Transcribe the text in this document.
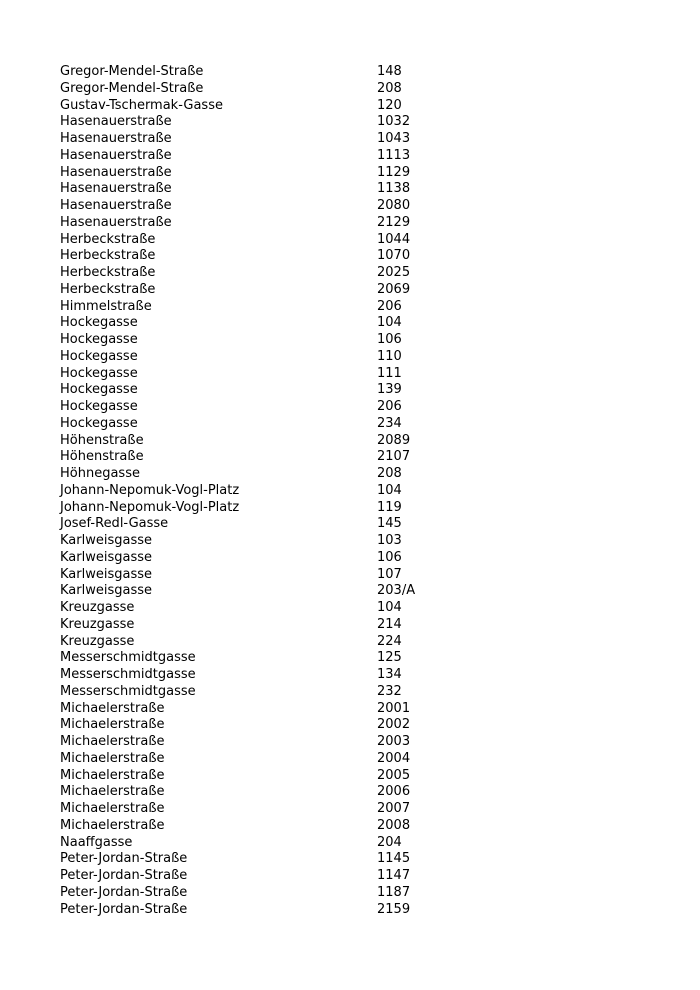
Gregor-Mendel-Straße	148
Gregor-Mendel-Straße	208
Gustav-Tschermak-Gasse	120
Hasenauerstraße	1032
Hasenauerstraße	1043
Hasenauerstraße	1113
Hasenauerstraße	1129
Hasenauerstraße	1138
Hasenauerstraße	2080
Hasenauerstraße	2129
Herbeckstraße	1044
Herbeckstraße	1070
Herbeckstraße	2025
Herbeckstraße	2069
Himmelstraße	206
Hockegasse	104
Hockegasse	106
Hockegasse	110
Hockegasse	111
Hockegasse	139
Hockegasse	206
Hockegasse	234
Höhenstraße	2089
Höhenstraße	2107
Höhnegasse	208
Johann-Nepomuk-Vogl-Platz	104
Johann-Nepomuk-Vogl-Platz	119
Josef-Redl-Gasse	145
Karlweisgasse	103
Karlweisgasse	106
Karlweisgasse	107
Karlweisgasse	203/A
Kreuzgasse	104
Kreuzgasse	214
Kreuzgasse	224
Messerschmidtgasse	125
Messerschmidtgasse	134
Messerschmidtgasse	232
Michaelerstraße	2001
Michaelerstraße	2002
Michaelerstraße	2003
Michaelerstraße	2004
Michaelerstraße	2005
Michaelerstraße	2006
Michaelerstraße	2007
Michaelerstraße	2008
Naaffgasse	204
Peter-Jordan-Straße	1145
Peter-Jordan-Straße	1147
Peter-Jordan-Straße	1187
Peter-Jordan-Straße	2159
